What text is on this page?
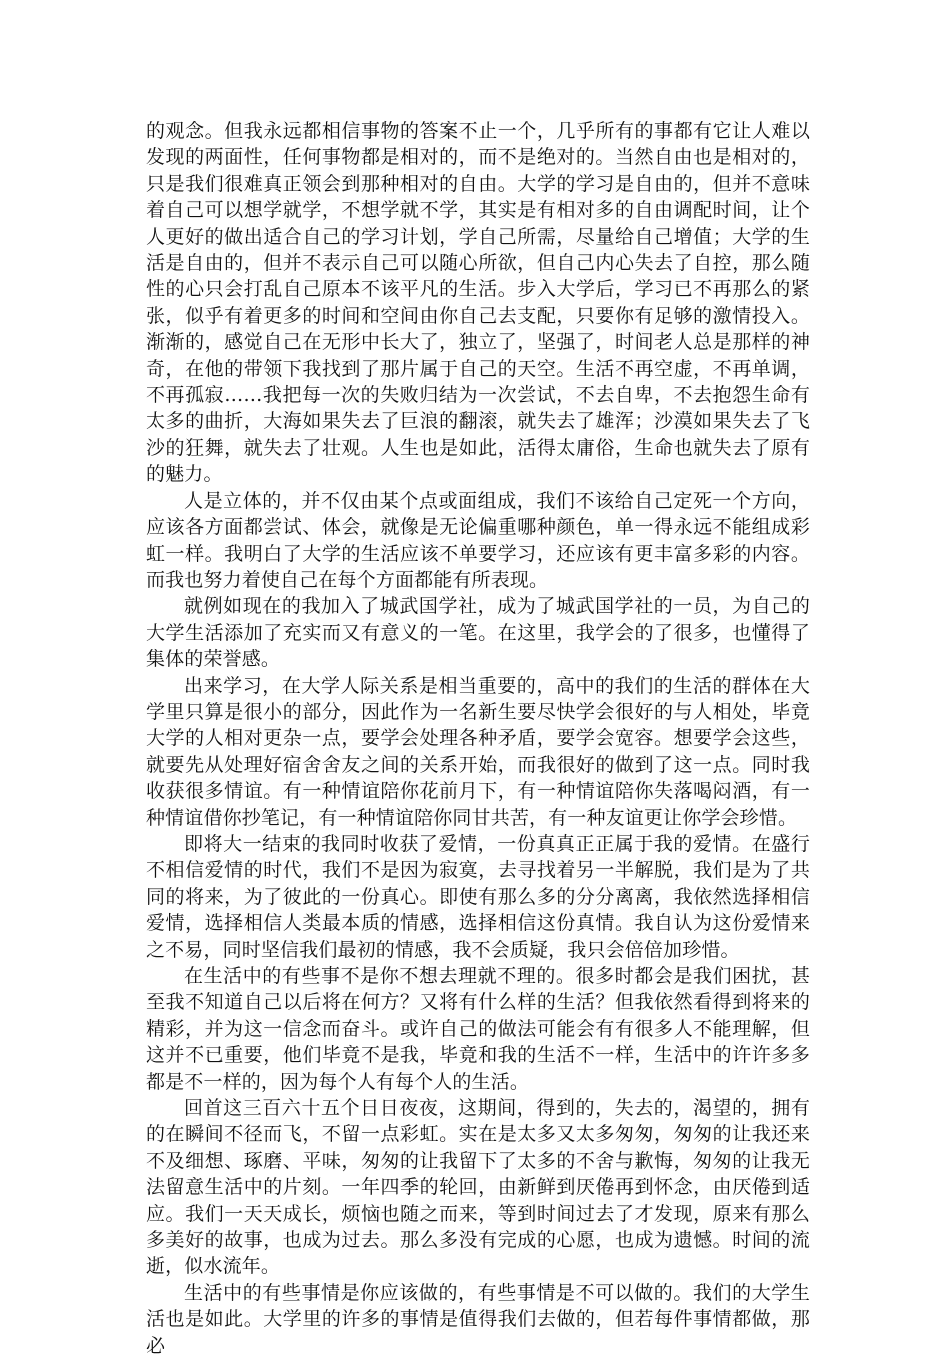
的观念。但我永远都相信事物的答案不止一个，几乎所有的事都有它让人难以发现的两面性，任何事物都是相对的，而不是绝对的。当然自由也是相对的，只是我们很难真正领会到那种相对的自由。大学的学习是自由的，但并不意味着自己可以想学就学，不想学就不学，其实是有相对多的自由调配时间，让个人更好的做出适合自己的学习计划，学自己所需，尽量给自己增值；大学的生活是自由的，但并不表示自己可以随心所欲，但自己内心失去了自控，那么随性的心只会打乱自己原本不该平凡的生活。步入大学后，学习已不再那么的紧张，似乎有着更多的时间和空间由你自己去支配，只要你有足够的激情投入。渐渐的，感觉自己在无形中长大了，独立了，坚强了，时间老人总是那样的神奇，在他的带领下我找到了那片属于自己的天空。生活不再空虚，不再单调，不再孤寂……我把每一次的失败归结为一次尝试，不去自卑，不去抱怨生命有太多的曲折，大海如果失去了巨浪的翻滚，就失去了雄浑；沙漠如果失去了飞沙的狂舞，就失去了壮观。人生也是如此，活得太庸俗，生命也就失去了原有的魅力。

人是立体的，并不仅由某个点或面组成，我们不该给自己定死一个方向，应该各方面都尝试、体会，就像是无论偏重哪种颜色，单一得永远不能组成彩虹一样。我明白了大学的生活应该不单要学习，还应该有更丰富多彩的内容。而我也努力着使自己在每个方面都能有所表现。

就例如现在的我加入了城武国学社，成为了城武国学社的一员，为自己的大学生活添加了充实而又有意义的一笔。在这里，我学会的了很多，也懂得了集体的荣誉感。

出来学习，在大学人际关系是相当重要的，高中的我们的生活的群体在大学里只算是很小的部分，因此作为一名新生要尽快学会很好的与人相处，毕竟大学的人相对更杂一点，要学会处理各种矛盾，要学会宽容。想要学会这些，就要先从处理好宿舍舍友之间的关系开始，而我很好的做到了这一点。同时我收获很多情谊。有一种情谊陪你花前月下，有一种情谊陪你失落喝闷酒，有一种情谊借你抄笔记，有一种情谊陪你同甘共苦，有一种友谊更让你学会珍惜。

即将大一结束的我同时收获了爱情，一份真真正正属于我的爱情。在盛行不相信爱情的时代，我们不是因为寂寞，去寻找着另一半解脱，我们是为了共同的将来，为了彼此的一份真心。即使有那么多的分分离离，我依然选择相信爱情，选择相信人类最本质的情感，选择相信这份真情。我自认为这份爱情来之不易，同时坚信我们最初的情感，我不会质疑，我只会倍倍加珍惜。

在生活中的有些事不是你不想去理就不理的。很多时都会是我们困扰，甚至我不知道自己以后将在何方？又将有什么样的生活？但我依然看得到将来的精彩，并为这一信念而奋斗。或许自己的做法可能会有有很多人不能理解，但这并不已重要，他们毕竟不是我，毕竟和我的生活不一样，生活中的许许多多都是不一样的，因为每个人有每个人的生活。

回首这三百六十五个日日夜夜，这期间，得到的，失去的，渴望的，拥有的在瞬间不径而飞，不留一点彩虹。实在是太多又太多匆匆，匆匆的让我还来不及细想、琢磨、平味，匆匆的让我留下了太多的不舍与歉悔，匆匆的让我无法留意生活中的片刻。一年四季的轮回，由新鲜到厌倦再到怀念，由厌倦到适应。我们一天天成长，烦恼也随之而来，等到时间过去了才发现，原来有那么多美好的故事，也成为过去。那么多没有完成的心愿，也成为遗憾。时间的流逝，似水流年。

生活中的有些事情是你应该做的，有些事情是不可以做的。我们的大学生活也是如此。大学里的许多的事情是值得我们去做的，但若每件事情都做，那必
